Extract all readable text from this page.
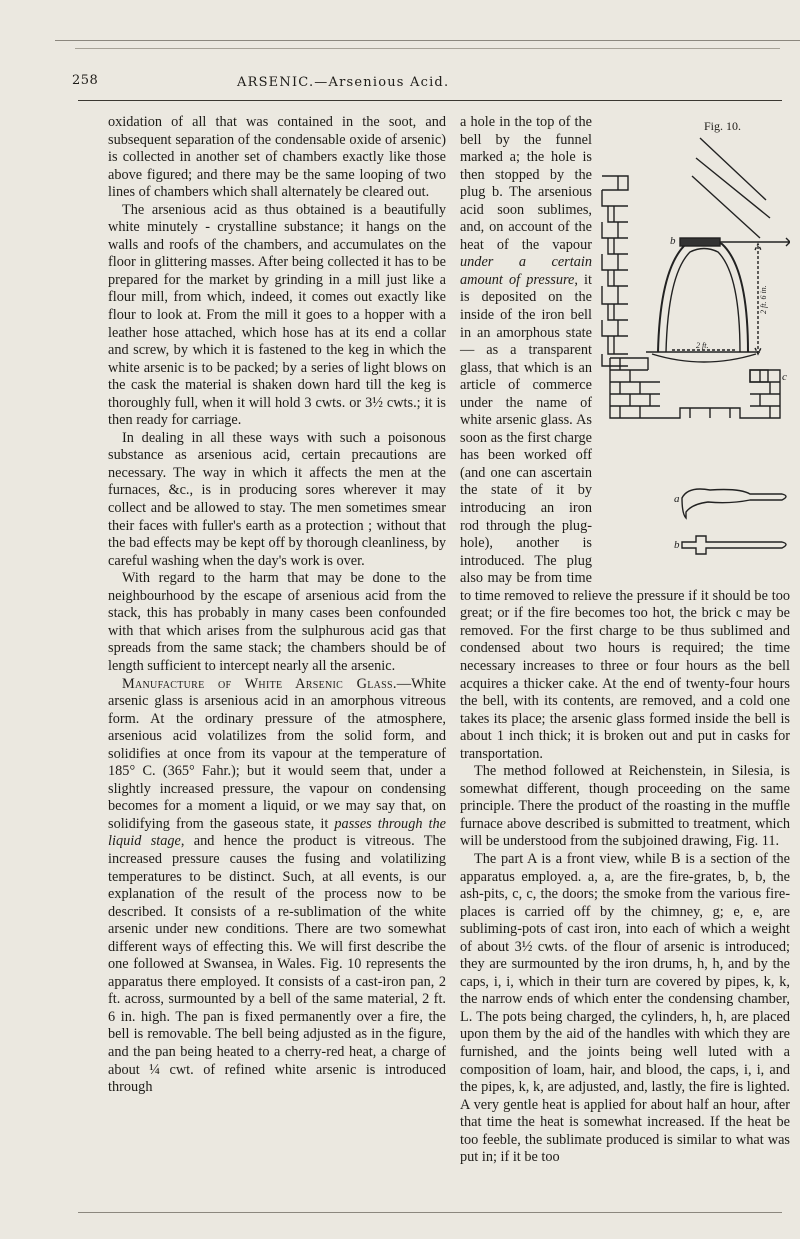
258	ARSENIC.—Arsenious Acid.

oxidation of all that was contained in the soot, and subsequent separation of the condensable oxide of arsenic) is collected in another set of chambers exactly like those above figured; and there may be the same looping of two lines of chambers which shall alternately be cleared out.

The arsenious acid as thus obtained is a beautifully white minutely - crystalline substance; it hangs on the walls and roofs of the chambers, and accumulates on the floor in glittering masses. After being collected it has to be prepared for the market by grinding in a mill just like a flour mill, from which, indeed, it comes out exactly like flour to look at. From the mill it goes to a hopper with a leather hose attached, which hose has at its end a collar and screw, by which it is fastened to the keg in which the white arsenic is to be packed; by a series of light blows on the cask the material is shaken down hard till the keg is thoroughly full, when it will hold 3 cwts. or 3½ cwts.; it is then ready for carriage.

In dealing in all these ways with such a poisonous substance as arsenious acid, certain precautions are necessary. The way in which it affects the men at the furnaces, &c., is in producing sores wherever it may collect and be allowed to stay. The men sometimes smear their faces with fuller's earth as a protection ; without that the bad effects may be kept off by thorough cleanliness, by careful washing when the day's work is over.

With regard to the harm that may be done to the neighbourhood by the escape of arsenious acid from the stack, this has probably in many cases been confounded with that which arises from the sulphurous acid gas that spreads from the same stack; the chambers should be of length sufficient to intercept nearly all the arsenic.

Manufacture of White Arsenic Glass.—White arsenic glass is arsenious acid in an amorphous vitreous form. At the ordinary pressure of the atmosphere, arsenious acid volatilizes from the solid form, and solidifies at once from its vapour at the temperature of 185° C. (365° Fahr.); but it would seem that, under a slightly increased pressure, the vapour on condensing becomes for a moment a liquid, or we may say that, on solidifying from the gaseous state, it passes through the liquid stage, and hence the product is vitreous. The increased pressure causes the fusing and volatilizing temperatures to be distinct. Such, at all events, is our explanation of the result of the process now to be described. It consists of a re-sublimation of the white arsenic under new conditions. There are two somewhat different ways of effecting this. We will first describe the one followed at Swansea, in Wales. Fig. 10 represents the apparatus there employed. It consists of a cast-iron pan, 2 ft. across, surmounted by a bell of the same material, 2 ft. 6 in. high. The pan is fixed permanently over a fire, the bell is removable. The bell being adjusted as in the figure, and the pan being heated to a cherry-red heat, a charge of about ¼ cwt. of refined white arsenic is introduced through

Fig. 10.
b
c
a
b
2 ft. 6 in.
2 ft.

a hole in the top of the bell by the funnel marked a; the hole is then stopped by the plug b. The arsenious acid soon sublimes, and, on account of the heat of the vapour under a certain amount of pressure, it is deposited on the inside of the iron bell in an amorphous state — as a transparent glass, that which is an article of commerce under the name of white arsenic glass. As soon as the first charge has been worked off (and one can ascertain the state of it by introducing an iron rod through the plug-hole), another is introduced. The plug also may be from time to time removed to relieve the pressure if it should be too great; or if the fire becomes too hot, the brick c may be removed. For the first charge to be thus sublimed and condensed about two hours is required; the time necessary increases to three or four hours as the bell acquires a thicker cake. At the end of twenty-four hours the bell, with its contents, are removed, and a cold one takes its place; the arsenic glass formed inside the bell is about 1 inch thick; it is broken out and put in casks for transportation.

The method followed at Reichenstein, in Silesia, is somewhat different, though proceeding on the same principle. There the product of the roasting in the muffle furnace above described is submitted to treatment, which will be understood from the subjoined drawing, Fig. 11.

The part A is a front view, while B is a section of the apparatus employed. a, a, are the fire-grates, b, b, the ash-pits, c, c, the doors; the smoke from the various fire-places is carried off by the chimney, g; e, e, are subliming-pots of cast iron, into each of which a weight of about 3½ cwts. of the flour of arsenic is introduced; they are surmounted by the iron drums, h, h, and by the caps, i, i, which in their turn are covered by pipes, k, k, the narrow ends of which enter the condensing chamber, L. The pots being charged, the cylinders, h, h, are placed upon them by the aid of the handles with which they are furnished, and the joints being well luted with a composition of loam, hair, and blood, the caps, i, i, and the pipes, k, k, are adjusted, and, lastly, the fire is lighted. A very gentle heat is applied for about half an hour, after that time the heat is somewhat increased. If the heat be too feeble, the sublimate produced is similar to what was put in; if it be too
